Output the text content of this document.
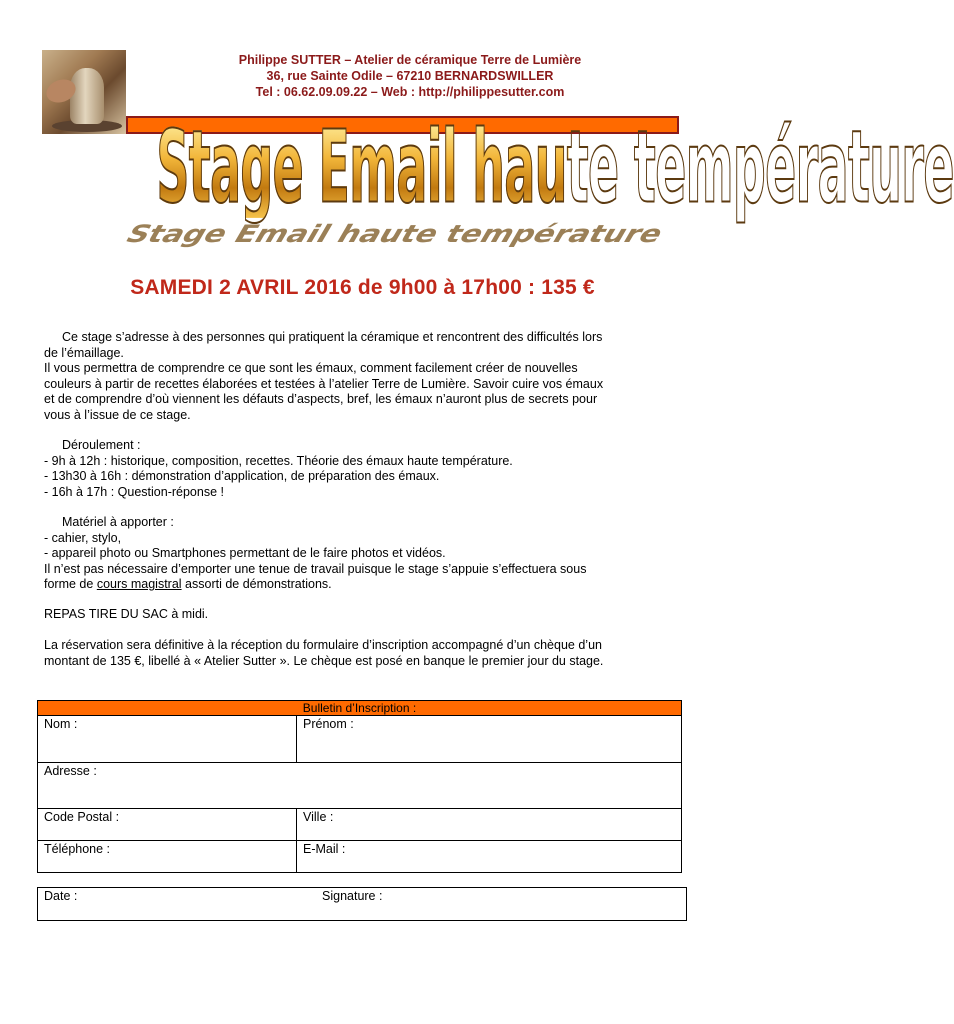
Philippe SUTTER – Atelier de céramique Terre de Lumière
36, rue Sainte Odile – 67210 BERNARDSWILLER
Tel : 06.62.09.09.22 – Web : http://philippesutter.com
Stage Email haute température
Stage Email haute température
SAMEDI 2 AVRIL 2016 de 9h00 à 17h00 : 135 €

Ce stage s’adresse à des personnes qui pratiquent la céramique et rencontrent des difficultés lors

de l’émaillage.

Il vous permettra de comprendre ce que sont les émaux, comment facilement créer de nouvelles

couleurs à partir de recettes élaborées et testées à l’atelier Terre de Lumière. Savoir cuire vos émaux

et de comprendre d’où viennent les défauts d’aspects, bref, les émaux n’auront plus de secrets pour

vous à l’issue de ce stage.

Déroulement :

- 9h à 12h : historique, composition, recettes. Théorie des émaux haute température.

- 13h30 à 16h : démonstration d’application, de préparation des émaux.

- 16h à 17h : Question-réponse !

Matériel à apporter :

- cahier, stylo,

- appareil photo ou Smartphones permettant de le faire photos et vidéos.

Il n’est pas nécessaire d’emporter une tenue de travail puisque le stage s’appuie s’effectuera sous

forme de cours magistral assorti de démonstrations.

REPAS TIRE DU SAC à midi.

La réservation sera définitive à la réception du formulaire d’inscription accompagné d’un chèque d’un

montant de 135 €, libellé à « Atelier Sutter ». Le chèque est posé en banque le premier jour du stage.

Bulletin d’Inscription :	
Nom :	Prénom :
Adresse :	
Code Postal :	Ville :
Téléphone :	E-Mail :
Date :	Signature :
